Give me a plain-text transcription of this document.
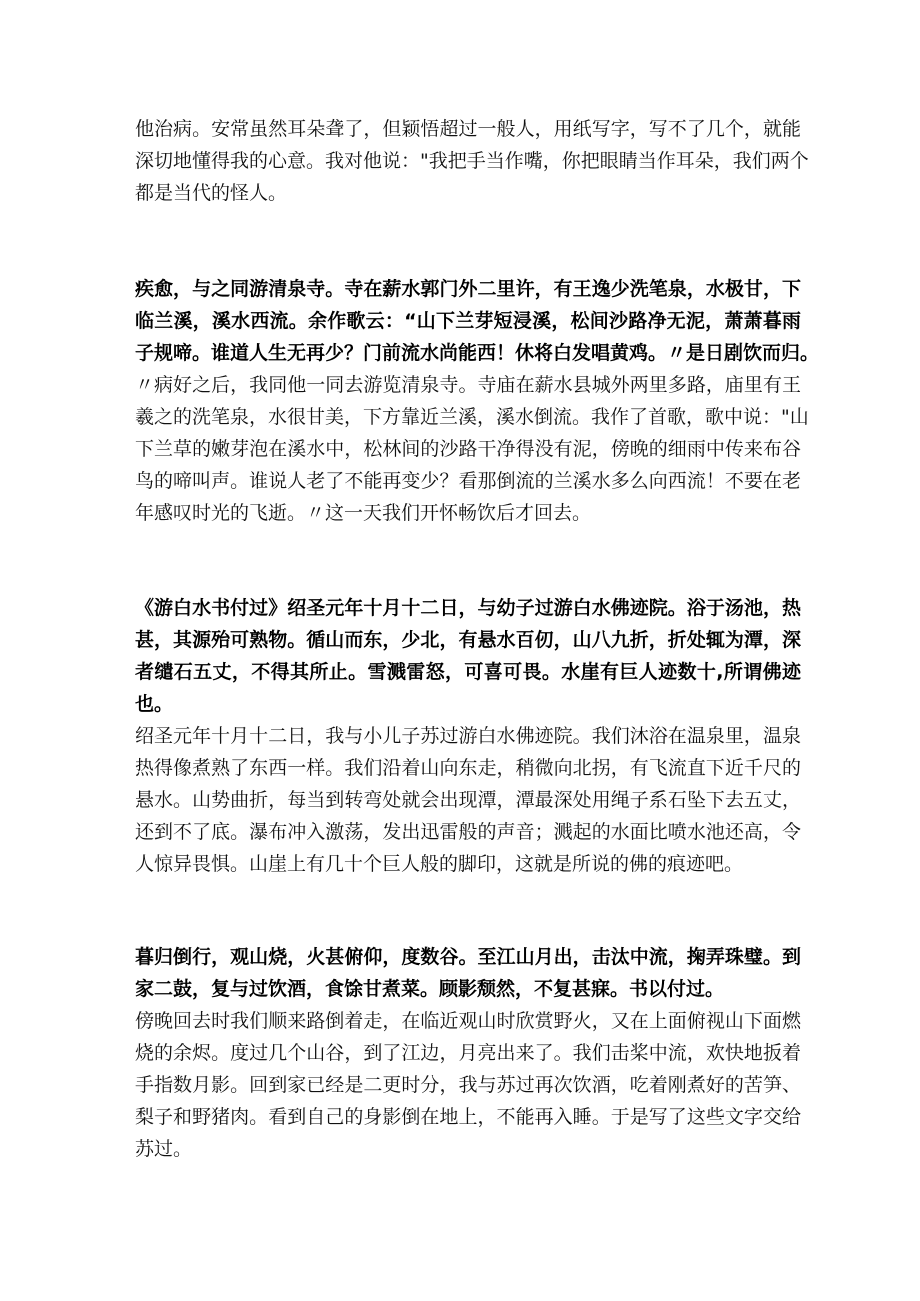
他治病。安常虽然耳朵聋了，但颖悟超过一般人，用纸写字，写不了几个，就能
深切地懂得我的心意。我对他说："我把手当作嘴，你把眼睛当作耳朵，我们两个
都是当代的怪人。
疾愈，与之同游清泉寺。寺在薪水郭门外二里许，有王逸少洗笔泉，水极甘，下
临兰溪，溪水西流。余作歌云：“山下兰芽短浸溪，松间沙路净无泥，萧萧暮雨
子规啼。谁道人生无再少？门前流水尚能西！休将白发唱黄鸡。〃是日剧饮而归。
〃病好之后，我同他一同去游览清泉寺。寺庙在薪水县城外两里多路，庙里有王
羲之的洗笔泉，水很甘美，下方靠近兰溪，溪水倒流。我作了首歌，歌中说："山
下兰草的嫩芽泡在溪水中，松林间的沙路干净得没有泥，傍晚的细雨中传来布谷
鸟的啼叫声。谁说人老了不能再变少？看那倒流的兰溪水多么向西流！不要在老
年感叹时光的飞逝。〃这一天我们开怀畅饮后才回去。
《游白水书付过》绍圣元年十月十二日，与幼子过游白水佛迹院。浴于汤池，热
甚，其源殆可熟物。循山而东，少北，有悬水百仞，山八九折，折处辄为潭，深
者缱石五丈，不得其所止。雪溅雷怒，可喜可畏。水崖有巨人迹数十,所谓佛迹
也。
绍圣元年十月十二日，我与小儿子苏过游白水佛迹院。我们沐浴在温泉里，温泉
热得像煮熟了东西一样。我们沿着山向东走，稍微向北拐，有飞流直下近千尺的
悬水。山势曲折，每当到转弯处就会出现潭，潭最深处用绳子系石坠下去五丈，
还到不了底。瀑布冲入激荡，发出迅雷般的声音；溅起的水面比喷水池还高，令
人惊异畏惧。山崖上有几十个巨人般的脚印，这就是所说的佛的痕迹吧。
暮归倒行，观山烧，火甚俯仰，度数谷。至江山月出，击汰中流，掬弄珠璧。到
家二鼓，复与过饮酒，食馀甘煮菜。顾影颓然，不复甚寐。书以付过。
傍晚回去时我们顺来路倒着走，在临近观山时欣赏野火，又在上面俯视山下面燃
烧的余烬。度过几个山谷，到了江边，月亮出来了。我们击桨中流，欢快地扳着
手指数月影。回到家已经是二更时分，我与苏过再次饮酒，吃着刚煮好的苦笋、
梨子和野猪肉。看到自己的身影倒在地上，不能再入睡。于是写了这些文字交给
苏过。
